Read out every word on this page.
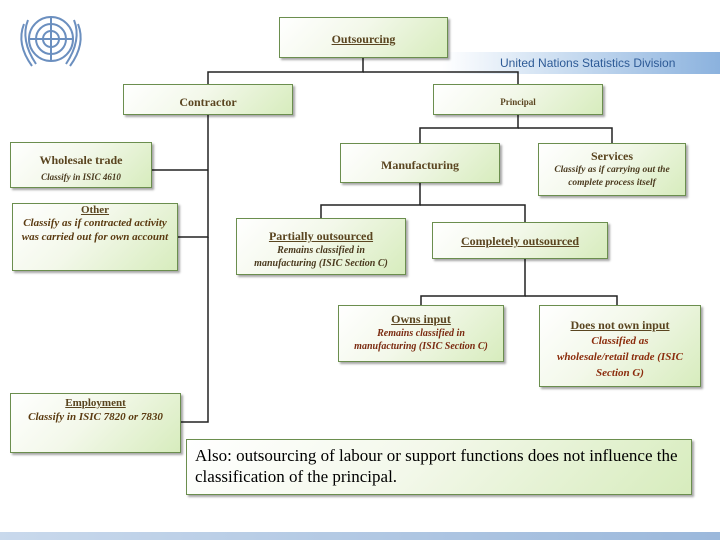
United Nations Statistics Division
Outsourcing
Contractor	Principal
Wholesale trade
Classify in ISIC 4610
Other
Classify as if contracted activity was carried out for own account
Manufacturing
Services
Classify as if carrying out the complete process itself
Partially outsourced
Remains classified in manufacturing (ISIC Section C)
Completely outsourced
Owns input
Remains classified in manufacturing (ISIC Section C)
Does not own input
Classified as wholesale/retail trade (ISIC Section G)
Employment
Classify in ISIC 7820 or 7830
Also: outsourcing of labour or support functions does not influence the classification of the principal.
